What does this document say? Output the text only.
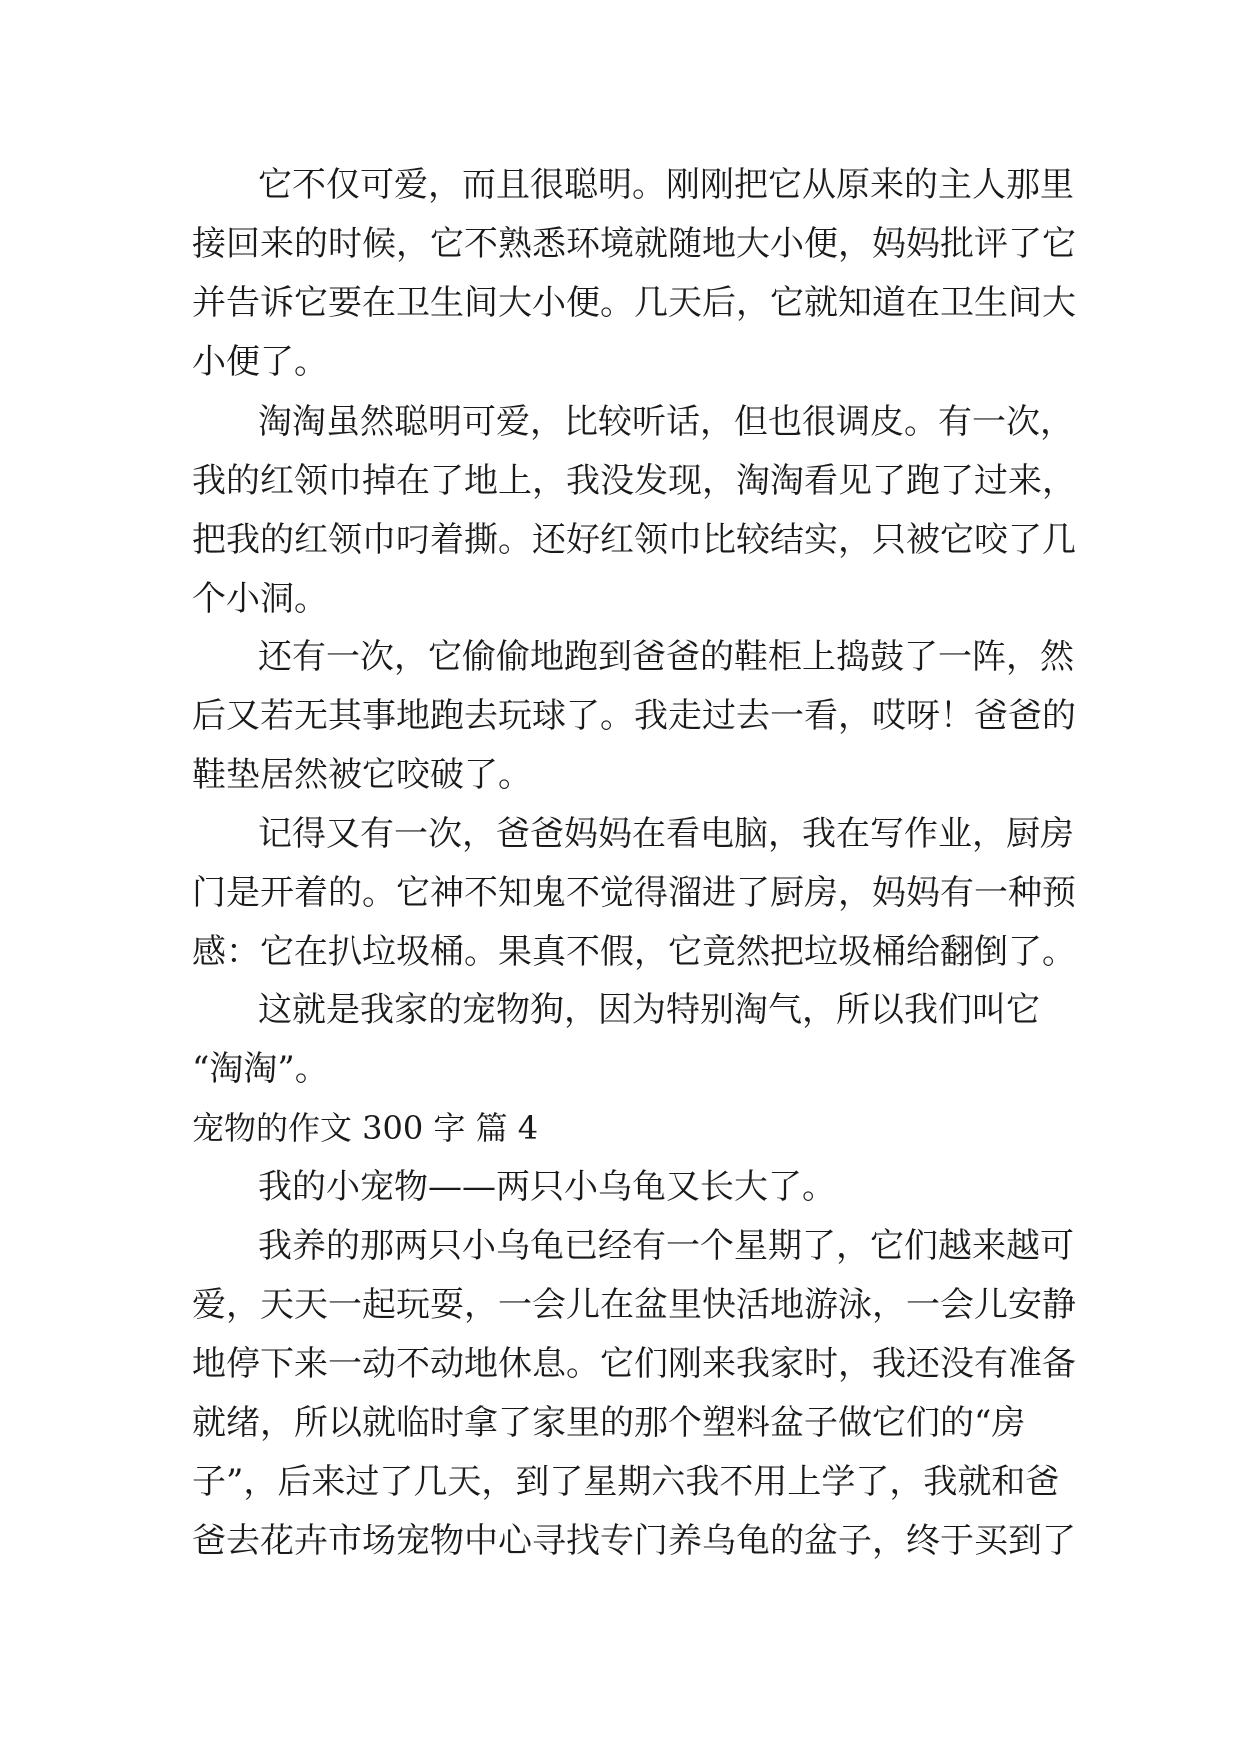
它不仅可爱，而且很聪明。刚刚把它从原来的主人那里

接回来的时候，它不熟悉环境就随地大小便，妈妈批评了它

并告诉它要在卫生间大小便。几天后，它就知道在卫生间大

小便了。

淘淘虽然聪明可爱，比较听话，但也很调皮。有一次，

我的红领巾掉在了地上，我没发现，淘淘看见了跑了过来，

把我的红领巾叼着撕。还好红领巾比较结实，只被它咬了几

个小洞。

还有一次，它偷偷地跑到爸爸的鞋柜上捣鼓了一阵，然

后又若无其事地跑去玩球了。我走过去一看，哎呀！爸爸的

鞋垫居然被它咬破了。

记得又有一次，爸爸妈妈在看电脑，我在写作业，厨房

门是开着的。它神不知鬼不觉得溜进了厨房，妈妈有一种预

感：它在扒垃圾桶。果真不假，它竟然把垃圾桶给翻倒了。

这就是我家的宠物狗，因为特别淘气，所以我们叫它

“淘淘”。

宠物的作文 300 字 篇 4

我的小宠物——两只小乌龟又长大了。

我养的那两只小乌龟已经有一个星期了，它们越来越可

爱，天天一起玩耍，一会儿在盆里快活地游泳，一会儿安静

地停下来一动不动地休息。它们刚来我家时，我还没有准备

就绪，所以就临时拿了家里的那个塑料盆子做它们的“房

子”，后来过了几天，到了星期六我不用上学了，我就和爸

爸去花卉市场宠物中心寻找专门养乌龟的盆子，终于买到了
